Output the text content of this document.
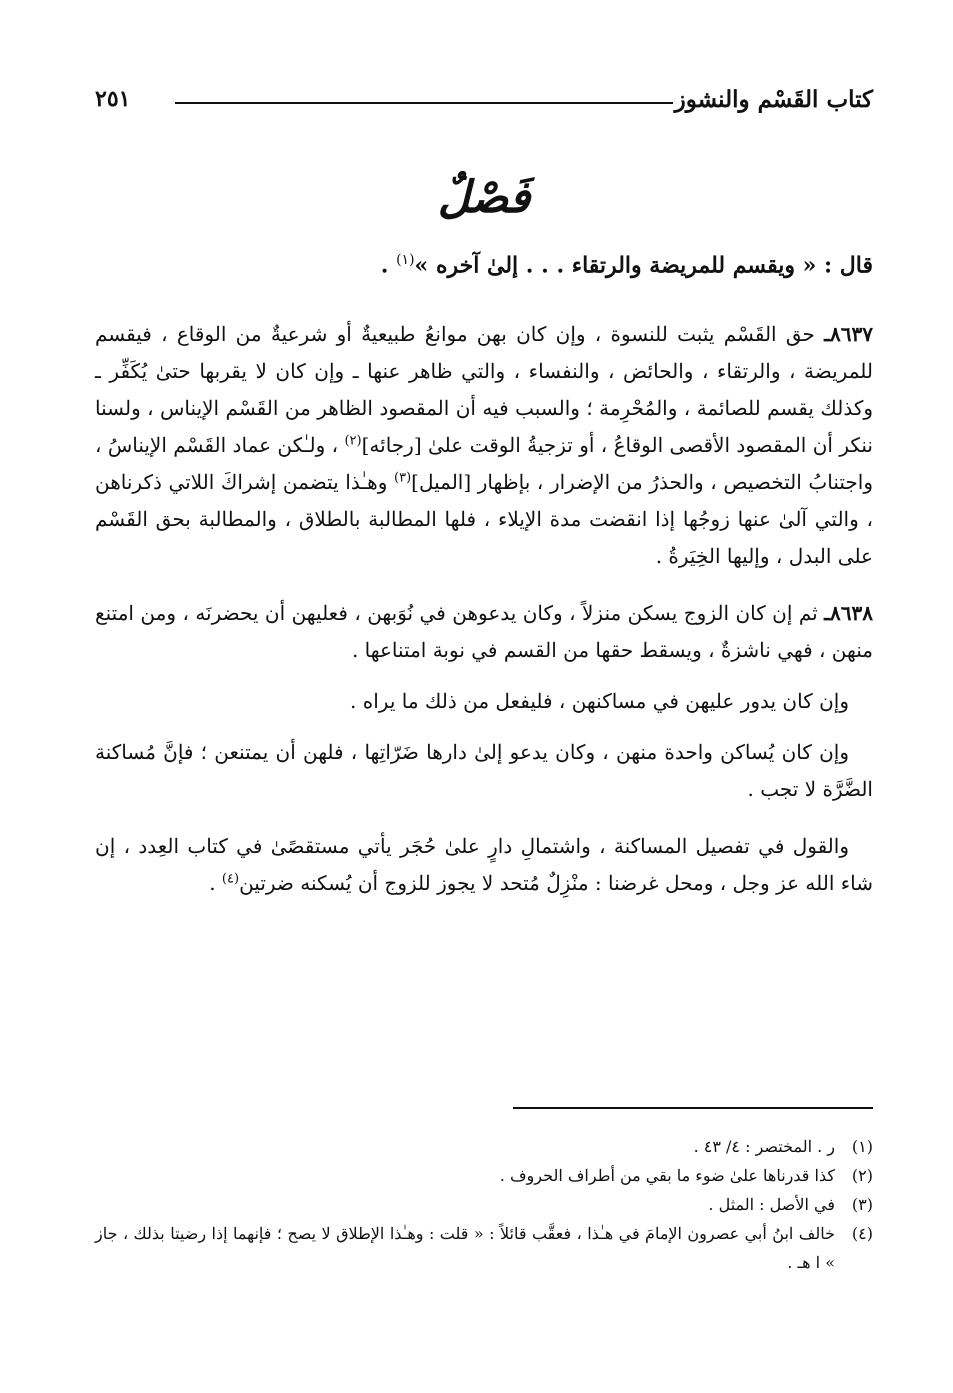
كتاب القَسْم والنشوز
٢٥١
فَصْلٌ
قال : « ويقسم للمريضة والرتقاء . . . إلىٰ آخره »$^{(١)}$ .

٨٦٣٧ـ حق القَسْم يثبت للنسوة ، وإن كان بهن موانعُ طبيعيةٌ أو شرعيةٌ من الوقاع ، فيقسم للمريضة ، والرتقاء ، والحائض ، والنفساء ، والتي ظاهر عنها ـ وإن كان لا يقربها حتىٰ يُكَفِّر ـ وكذلك يقسم للصائمة ، والمُحْرِمة ؛ والسبب فيه أن المقصود الظاهر من القَسْم الإيناس ، ولسنا ننكر أن المقصود الأقصى الوقاعُ ، أو تزجيةُ الوقت علىٰ [رجائه]$^{(٢)}$ ، ولـٰكن عماد القَسْم الإيناسُ ، واجتنابُ التخصيص ، والحذرُ من الإضرار ، بإظهار [الميل]$^{(٣)}$ وهـٰذا يتضمن إشراكَ اللاتي ذكرناهن ، والتي آلىٰ عنها زوجُها إذا انقضت مدة الإيلاء ، فلها المطالبة بالطلاق ، والمطالبة بحق القَسْم على البدل ، وإليها الخِيَرةُ .

٨٦٣٨ـ ثم إن كان الزوج يسكن منزلاً ، وكان يدعوهن في نُوَبهن ، فعليهن أن يحضرنَه ، ومن امتنع منهن ، فهي ناشزةٌ ، ويسقط حقها من القسم في نوبة امتناعها .

وإن كان يدور عليهن في مساكنهن ، فليفعل من ذلك ما يراه .

وإن كان يُساكن واحدة منهن ، وكان يدعو إلىٰ دارها ضَرّاتِها ، فلهن أن يمتنعن ؛ فإنَّ مُساكنة الضَّرَّة لا تجب .

والقول في تفصيل المساكنة ، واشتمالِ دارٍ علىٰ حُجَر يأتي مستقصًىٰ في كتاب العِدد ، إن شاء الله عز وجل ، ومحل غرضنا : منْزِلٌ مُتحد لا يجوز للزوج أن يُسكنه ضرتين$^{(٤)}$ .

(١)
ر . المختصر : ٤/ ٤٣ .
(٢)
كذا قدرناها علىٰ ضوء ما بقي من أطراف الحروف .
(٣)
في الأصل : المثل .
(٤)
خالف ابنُ أبي عصرون الإمامَ في هـٰذا ، فعقَّب قائلاً : « قلت : وهـٰذا الإطلاق لا يصح ؛ فإنهما إذا رضيتا بذلك ، جاز » ا هـ .
